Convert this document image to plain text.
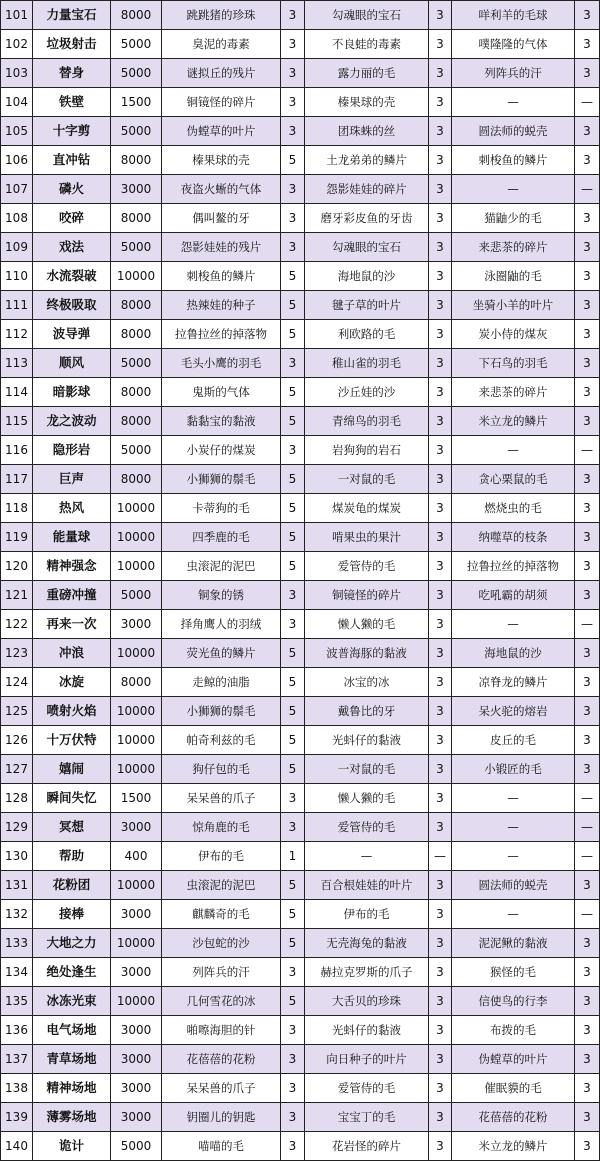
101	力量宝石	8000	跳跳猪的珍珠	3	勾魂眼的宝石	3	咩利羊的毛球	3
102	垃圾射击	5000	臭泥的毒素	3	不良蛙的毒素	3	噗隆隆的气体	3
103	替身	5000	谜拟丘的残片	3	露力丽的毛	3	列阵兵的汗	3
104	铁壁	1500	铜镜怪的碎片	3	榛果球的壳	3	—	—
105	十字剪	5000	伪螳草的叶片	3	团珠蛛的丝	3	圆法师的蜕壳	3
106	直冲钻	8000	榛果球的壳	5	土龙弟弟的鳞片	3	刺梭鱼的鳞片	3
107	磷火	3000	夜盗火蜥的气体	3	怨影娃娃的碎片	3	—	—
108	咬碎	8000	偶叫鳌的牙	3	磨牙彩皮鱼的牙齿	3	猫鼬少的毛	3
109	戏法	5000	怨影娃娃的残片	3	勾魂眼的宝石	3	来悲茶的碎片	3
110	水流裂破	10000	刺梭鱼的鳞片	5	海地鼠的沙	3	泳圈鼬的毛	3
111	终极吸取	8000	热辣娃的种子	5	毽子草的叶片	3	坐骑小羊的叶片	3
112	波导弹	8000	拉鲁拉丝的掉落物	5	利欧路的毛	3	炭小侍的煤灰	3
113	顺风	5000	毛头小鹰的羽毛	3	稚山雀的羽毛	3	下石鸟的羽毛	3
114	暗影球	8000	鬼斯的气体	5	沙丘娃的沙	3	来悲茶的碎片	3
115	龙之波动	8000	黏黏宝的黏液	5	青绵鸟的羽毛	3	米立龙的鳞片	3
116	隐形岩	5000	小炭仔的煤炭	3	岩狗狗的岩石	3	—	—
117	巨声	8000	小狮狮的鬃毛	5	一对鼠的毛	3	贪心栗鼠的毛	3
118	热风	10000	卡蒂狗的毛	5	煤炭龟的煤炭	3	燃烧虫的毛	3
119	能量球	10000	四季鹿的毛	5	啃果虫的果汁	3	纳噬草的枝条	3
120	精神强念	10000	虫滚泥的泥巴	5	爱管侍的毛	3	拉鲁拉丝的掉落物	3
121	重磅冲撞	5000	铜象的锈	3	铜镜怪的碎片	3	吃吼霸的胡须	3
122	再来一次	3000	择角鹰人的羽绒	3	懒人獭的毛	3	—	—
123	冲浪	10000	荧光鱼的鳞片	5	波普海豚的黏液	3	海地鼠的沙	3
124	冰旋	8000	走鲸的油脂	5	冰宝的冰	3	凉脊龙的鳞片	3
125	喷射火焰	10000	小狮狮的鬃毛	5	戴鲁比的牙	3	呆火驼的熔岩	3
126	十万伏特	10000	帕奇利兹的毛	5	光蚪仔的黏液	3	皮丘的毛	3
127	嬉闹	10000	狗仔包的毛	5	一对鼠的毛	3	小锻匠的毛	3
128	瞬间失忆	1500	呆呆兽的爪子	3	懒人獭的毛	3	—	—
129	冥想	3000	惊角鹿的毛	3	爱管侍的毛	3	—	—
130	帮助	400	伊布的毛	1	—	—	—	—
131	花粉团	10000	虫滚泥的泥巴	5	百合根娃娃的叶片	3	圆法师的蜕壳	3
132	接棒	3000	麒麟奇的毛	5	伊布的毛	3	—	—
133	大地之力	10000	沙包蛇的沙	5	无壳海兔的黏液	3	泥泥鳅的黏液	3
134	绝处逢生	3000	列阵兵的汗	3	赫拉克罗斯的爪子	3	猴怪的毛	3
135	冰冻光束	10000	几何雪花的冰	5	大舌贝的珍珠	3	信使鸟的行李	3
136	电气场地	3000	啪嚓海胆的针	3	光蚪仔的黏液	3	布拨的毛	3
137	青草场地	3000	花蓓蓓的花粉	3	向日种子的叶片	3	伪螳草的叶片	3
138	精神场地	3000	呆呆兽的爪子	3	爱管侍的毛	3	催眠貘的毛	3
139	薄雾场地	3000	钥圈儿的钥匙	3	宝宝丁的毛	3	花蓓蓓的花粉	3
140	诡计	5000	喵喵的毛	3	花岩怪的碎片	3	米立龙的鳞片	3
